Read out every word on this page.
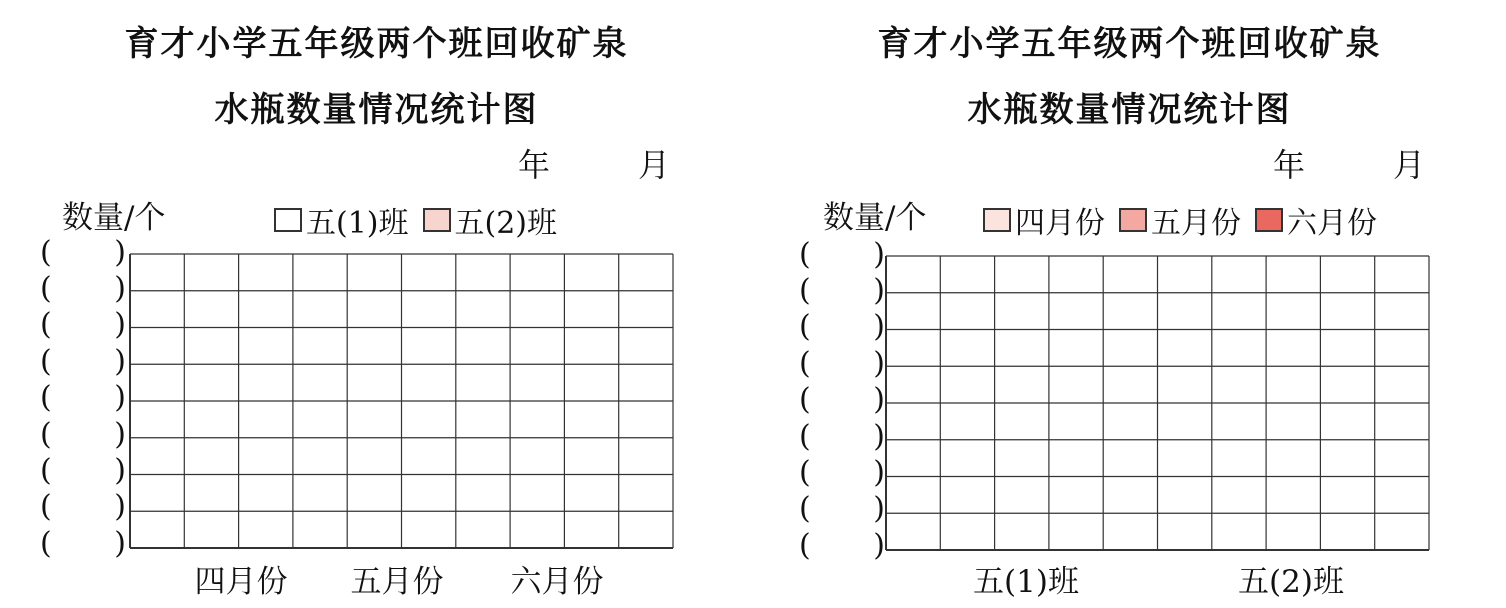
育才小学五年级两个班回收矿泉
水瓶数量情况统计图
年	月
数量/个	五(1)班 五(2)班
( )
( )
( )
( )
( )
( )
( )
( )
( )
四月份 五月份 六月份
育才小学五年级两个班回收矿泉
水瓶数量情况统计图
年	月
数量/个	四月份 五月份 六月份
( )
( )
( )
( )
( )
( )
( )
( )
( )
五(1)班	五(2)班
